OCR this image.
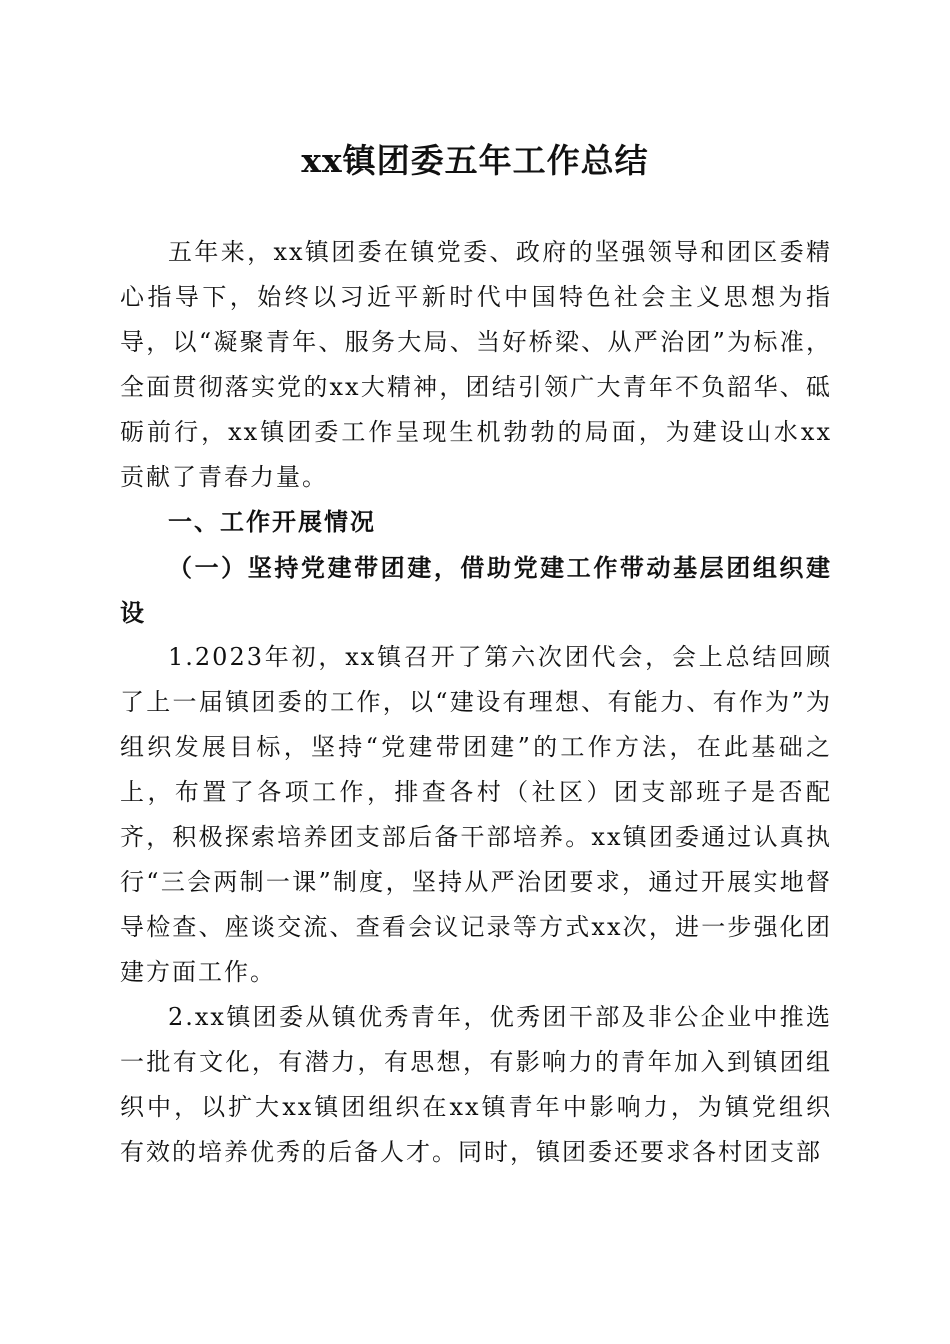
xx镇团委五年工作总结

五年来，xx镇团委在镇党委、政府的坚强领导和团区委精心指导下，始终以习近平新时代中国特色社会主义思想为指导，以“凝聚青年、服务大局、当好桥梁、从严治团”为标准，全面贯彻落实党的xx大精神，团结引领广大青年不负韶华、砥砺前行，xx镇团委工作呈现生机勃勃的局面，为建设山水xx贡献了青春力量。

一、工作开展情况

（一）坚持党建带团建，借助党建工作带动基层团组织建设

1.2023年初，xx镇召开了第六次团代会，会上总结回顾了上一届镇团委的工作，以“建设有理想、有能力、有作为”为组织发展目标，坚持“党建带团建”的工作方法，在此基础之上，布置了各项工作，排查各村（社区）团支部班子是否配齐，积极探索培养团支部后备干部培养。xx镇团委通过认真执行“三会两制一课”制度，坚持从严治团要求，通过开展实地督导检查、座谈交流、查看会议记录等方式xx次，进一步强化团建方面工作。

2.xx镇团委从镇优秀青年，优秀团干部及非公企业中推选一批有文化，有潜力，有思想，有影响力的青年加入到镇团组织中，以扩大xx镇团组织在xx镇青年中影响力，为镇党组织有效的培养优秀的后备人才。同时，镇团委还要求各村团支部
